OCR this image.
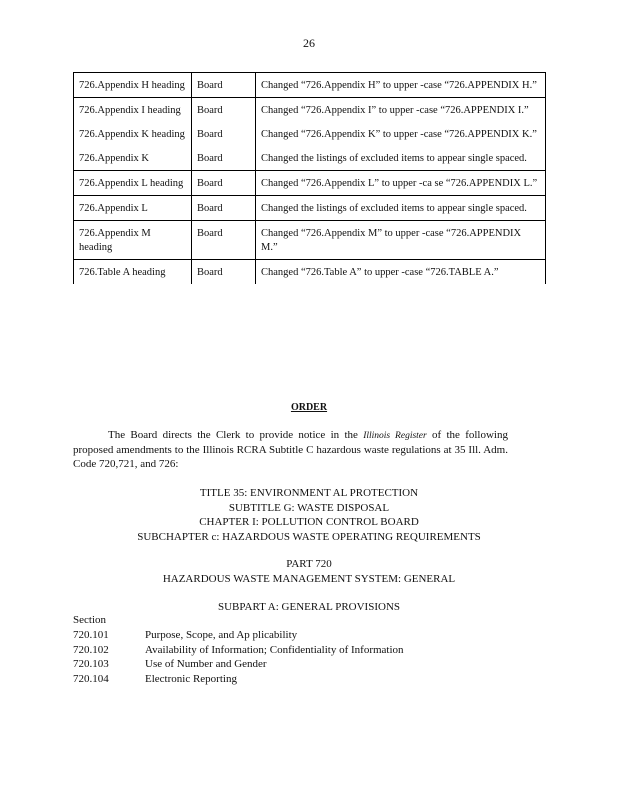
26
726.Appendix H heading	Board	Changed “726.Appendix H” to upper -case “726.APPENDIX H.”
726.Appendix I heading	Board	Changed “726.Appendix I” to upper -case “726.APPENDIX I.”
726.Appendix K heading	Board	Changed “726.Appendix K” to upper -case “726.APPENDIX K.”
726.Appendix K	Board	Changed the listings of excluded items to appear single spaced.
726.Appendix L heading	Board	Changed “726.Appendix L” to upper -ca se “726.APPENDIX L.”
726.Appendix L	Board	Changed the listings of excluded items to appear single spaced.
726.Appendix M heading	Board	Changed “726.Appendix M” to upper -case “726.APPENDIX M.”
726.Table A heading	Board	Changed “726.Table A” to upper -case “726.TABLE A.”
ORDER
The Board directs the Clerk to provide notice in the Illinois Register of the following proposed amendments to the Illinois RCRA Subtitle C hazardous waste regulations at 35 Ill. Adm. Code 720,721, and 726:
TITLE 35: ENVIRONMENT AL PROTECTION
SUBTITLE G: WASTE DISPOSAL
CHAPTER I: POLLUTION CONTROL BOARD
SUBCHAPTER c: HAZARDOUS WASTE OPERATING REQUIREMENTS
PART 720
HAZARDOUS WASTE MANAGEMENT SYSTEM: GENERAL
SUBPART A: GENERAL PROVISIONS
Section
720.101	Purpose, Scope, and Ap plicability
720.102	Availability of Information; Confidentiality of Information
720.103	Use of Number and Gender
720.104	Electronic Reporting
